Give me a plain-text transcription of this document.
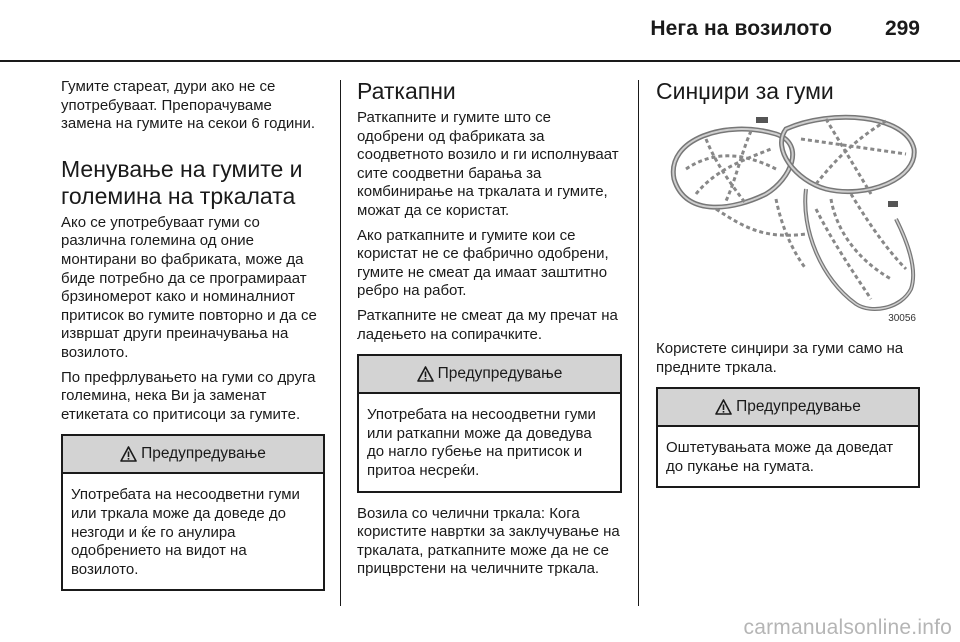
Нега на возилото	299

Гумите стареат, дури ако не се употребуваат. Препорачуваме замена на гумите на секои 6 години.

Менување на гумите и големина на тркалата

Ако се употребуваат гуми со различна големина од оние монтирани во фабриката, може да биде потребно да се програмираат брзиномерот како и номиналниот притисок во гумите повторно и да се извршат други преиначувања на возилото.

По префрлувањето на гуми со друга големина, нека Ви ја заменат етикетата со притисоци за гумите.

Предупредување
Употребата на несоодветни гуми или тркала може да доведе до незгоди и ќе го анулира одобрението на видот на возилото.
Раткапни

Раткапните и гумите што се одобрени од фабриката за соодветното возило и ги исполнуваат сите соодветни барања за комбинирање на тркалата и гумите, можат да се користат.

Ако раткапните и гумите кои се користат не се фабрично одобрени, гумите не смеат да имаат заштитно ребро на работ.

Раткапните не смеат да му пречат на ладењето на сопирачките.

Предупредување
Употребата на несоодветни гуми или раткапни може да доведува до нагло губење на притисок и притоа несреќи.

Возила со челични тркала: Кога користите навртки за заклучување на тркалата, раткапните може да не се прицврстени на челичните тркала.

Синџири за гуми
30056

Користете синџири за гуми само на предните тркала.

Предупредување
Оштетувањата може да доведат до пукање на гумата.
carmanualsonline.info
